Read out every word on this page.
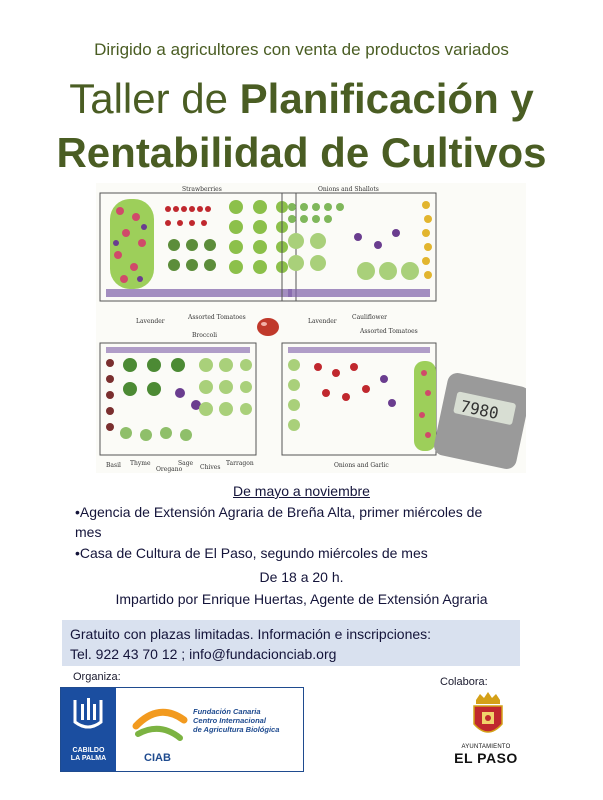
Dirigido a agricultores con venta de productos variados
Taller de Planificación y
Rentabilidad de Cultivos
Strawberries	Onions and Shallots
Lavender
Assorted Tomatoes
Broccoli
Lavender
Cauliflower
Assorted Tomatoes
Basil Thyme
Oregano
Sage
Chives
Tarragon	Onions and Garlic
7980
De mayo a noviembre
•Agencia de Extensión Agraria de Breña Alta, primer miércoles de mes
•Casa de Cultura de El Paso, segundo miércoles de mes
De 18 a 20 h.
Impartido por Enrique Huertas, Agente de Extensión Agraria
Gratuito con plazas limitadas. Información e inscripciones:
Tel. 922 43 70 12 ; info@fundacionciab.org
Organiza:	Colabora:
CABILDO
LA PALMA
Fundación Canaria
Centro Internacional
de Agricultura Biológica
CIAB
AYUNTAMIENTO
EL PASO
